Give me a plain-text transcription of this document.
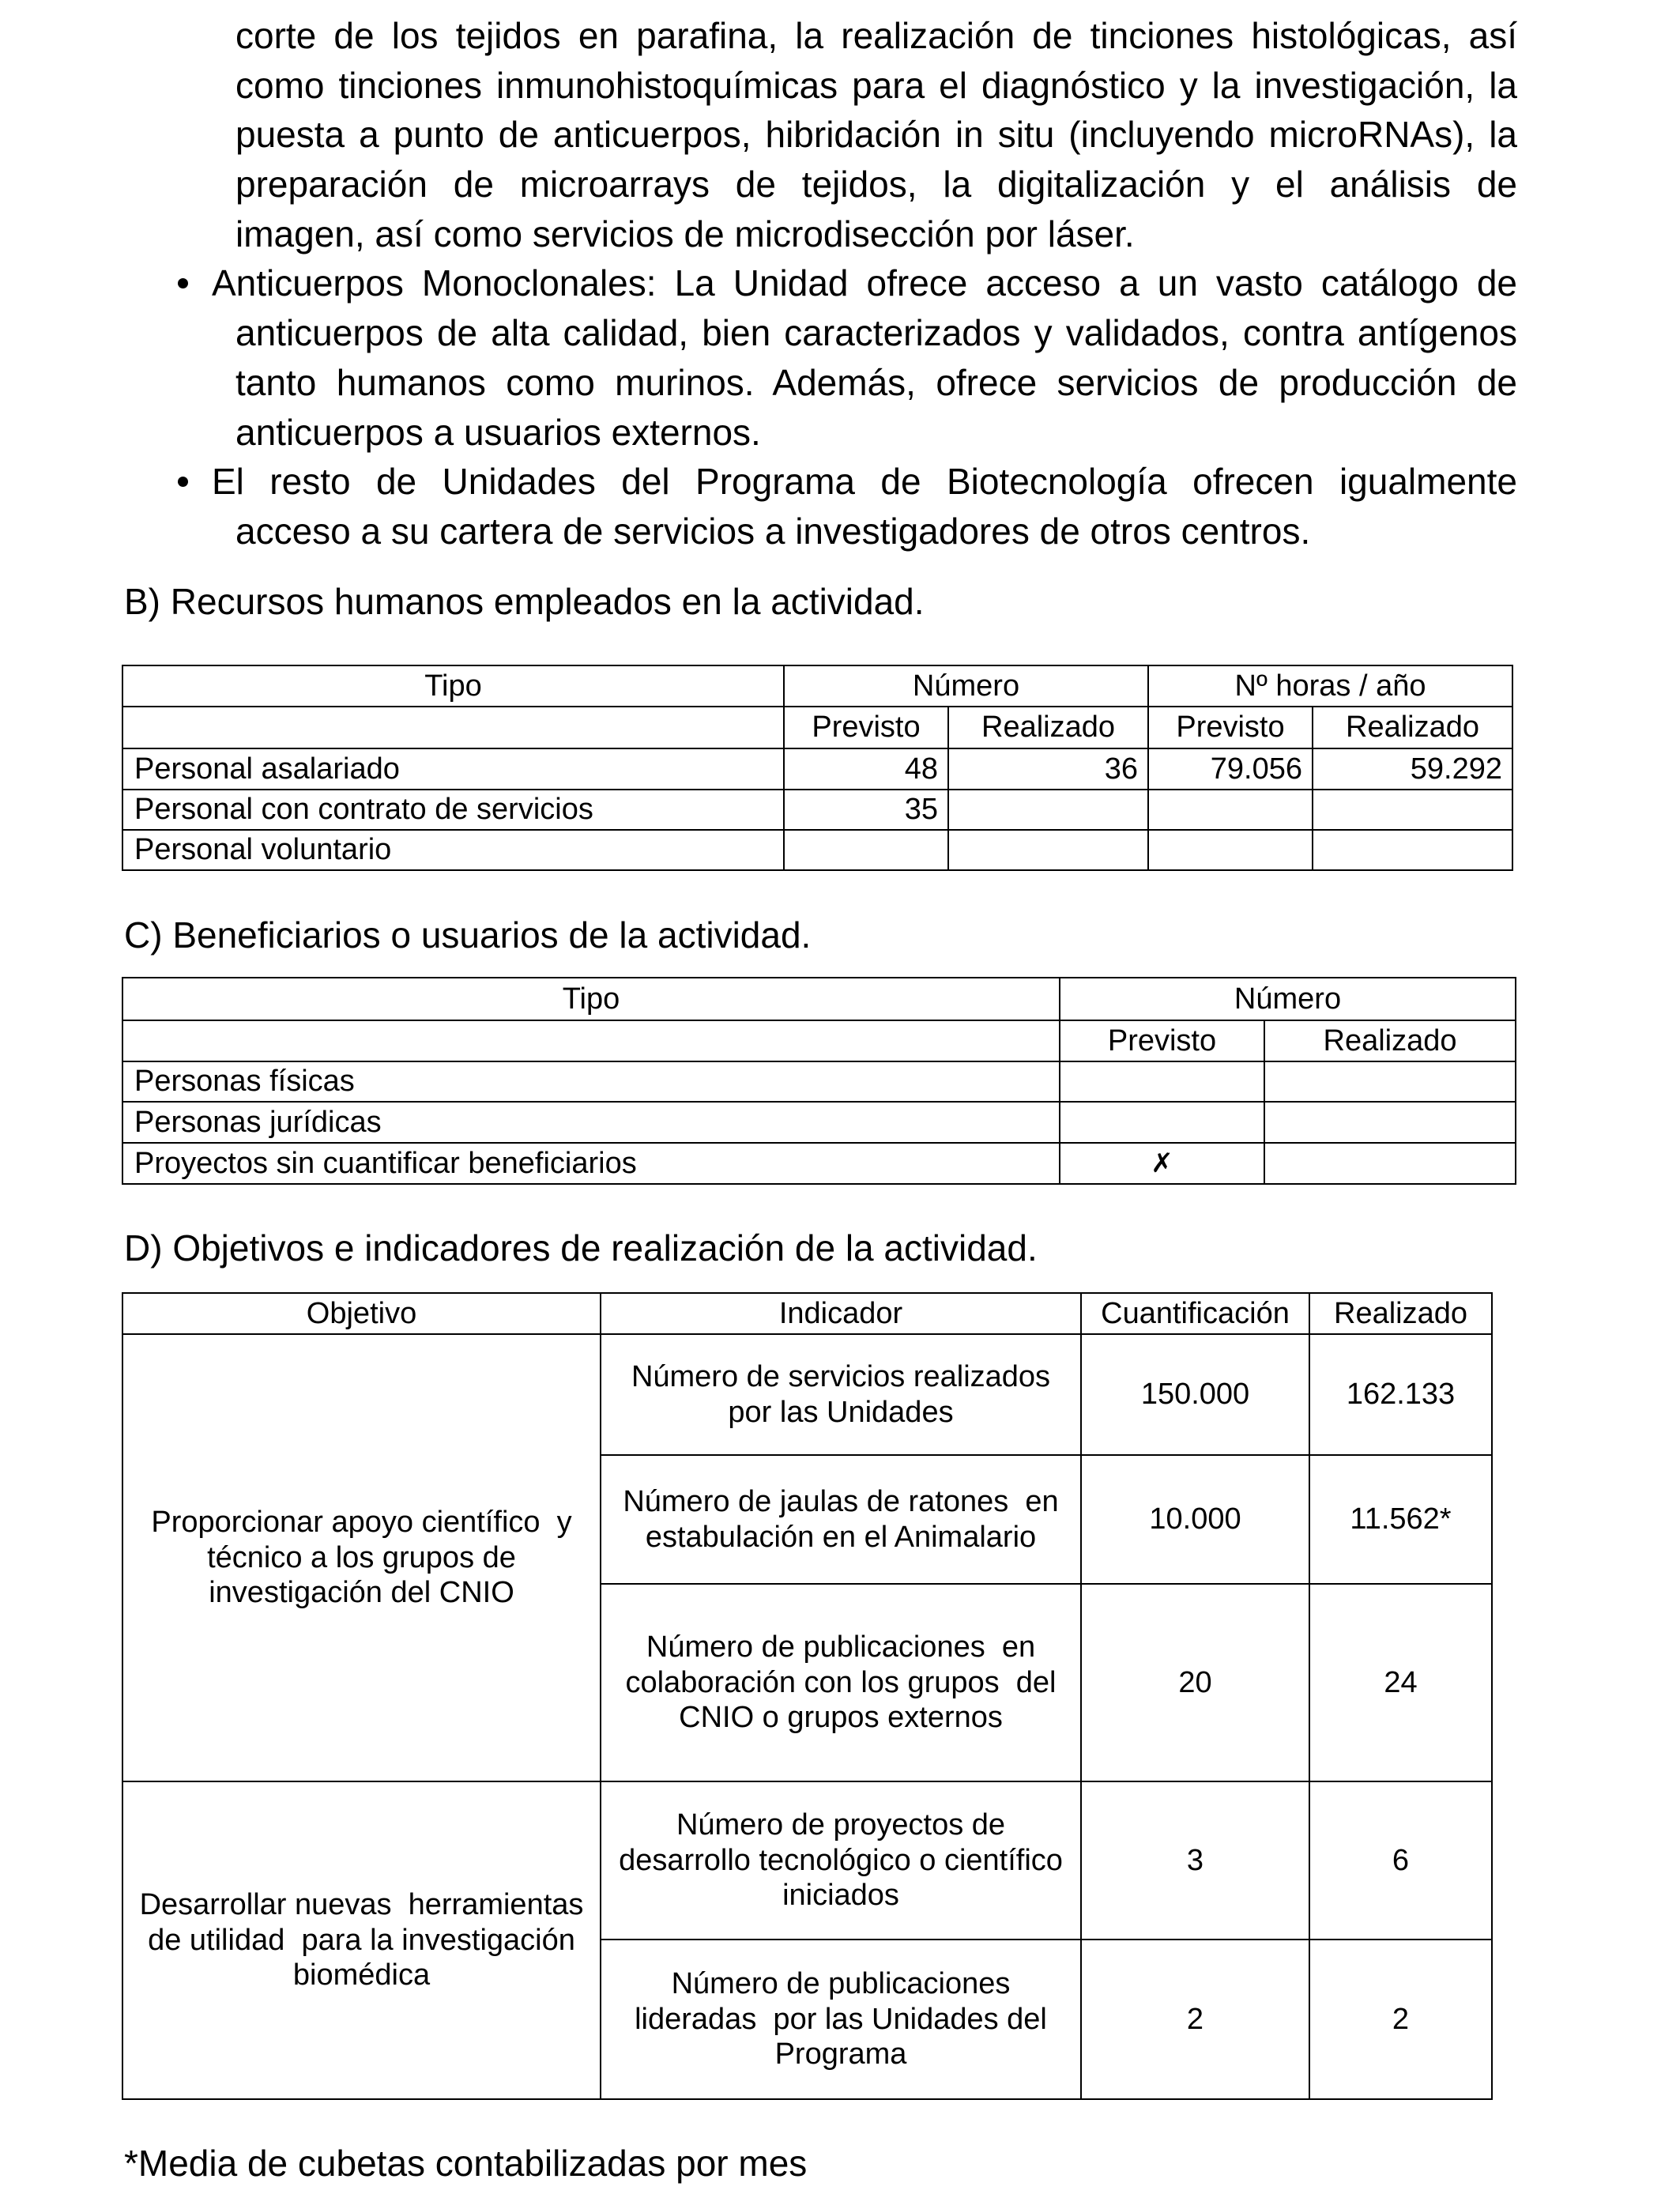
corte de los tejidos en parafina, la realización de tinciones histológicas, así
como tinciones inmunohistoquímicas para el diagnóstico y la investigación, la
puesta a punto de anticuerpos, hibridación in situ (incluyendo microRNAs), la
preparación de microarrays de tejidos, la digitalización y el análisis de
imagen, así como servicios de microdisección por láser.
Anticuerpos Monoclonales: La Unidad ofrece acceso a un vasto catálogo de
anticuerpos de alta calidad, bien caracterizados y validados, contra antígenos
tanto humanos como murinos. Además, ofrece servicios de producción de
anticuerpos a usuarios externos.
El resto de Unidades del Programa de Biotecnología ofrecen igualmente
acceso a su cartera de servicios a investigadores de otros centros.
B) Recursos humanos empleados en la actividad.
Tipo	Número		Nº horas / año	
	Previsto	Realizado	Previsto	Realizado
Personal asalariado	48	36	79.056	59.292
Personal con contrato de servicios	35			
Personal voluntario				
C) Beneficiarios o usuarios de la actividad.
Tipo	Número	
	Previsto	Realizado
Personas físicas		
Personas jurídicas		
Proyectos sin cuantificar beneficiarios	✗	
D) Objetivos e indicadores de realización de la actividad.
Objetivo	Indicador	Cuantificación	Realizado
Proporcionar apoyo científico  y
técnico a los grupos de
investigación del CNIO	Número de servicios realizados
por las Unidades	150.000	162.133
	Número de jaulas de ratones  en
estabulación en el Animalario	10.000	11.562*
	Número de publicaciones  en
colaboración con los grupos  del
CNIO o grupos externos	20	24
Desarrollar nuevas  herramientas
de utilidad  para la investigación
biomédica	Número de proyectos de
desarrollo tecnológico o científico
iniciados	3	6
	Número de publicaciones
lideradas  por las Unidades del
Programa	2	2
*Media de cubetas contabilizadas por mes
